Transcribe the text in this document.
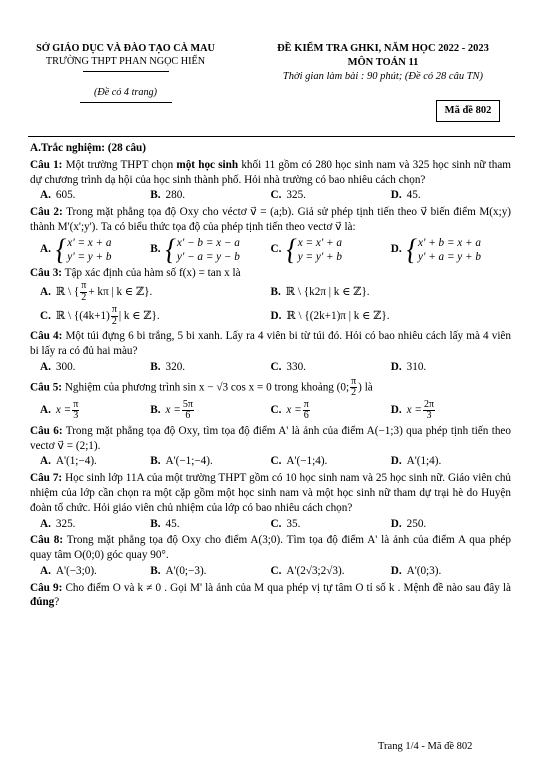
SỞ GIÁO DỤC VÀ ĐÀO TẠO CÀ MAU
TRƯỜNG THPT PHAN NGỌC HIỂN
(Đề có 4 trang)
ĐỀ KIỂM TRA GHKI, NĂM HỌC 2022 - 2023
MÔN TOÁN 11
Thời gian làm bài : 90 phút; (Đề có 28 câu TN)
Mã đề 802

A.Trắc nghiệm: (28 câu)

Câu 1: Một trường THPT chọn một học sinh khối 11 gồm có 280 học sinh nam và 325 học sinh nữ tham dự chương trình dạ hội của học sinh thành phố. Hỏi nhà trường có bao nhiêu cách chọn?

A. 605.	B. 280.	C. 325.	D. 45.

Câu 2: Trong mặt phẳng tọa độ Oxy cho véctơ v⃗ = (a;b). Giả sử phép tịnh tiến theo v⃗ biến điểm M(x;y) thành M'(x';y'). Ta có biểu thức tọa độ của phép tịnh tiến theo vectơ v⃗ là:

A. { x' = x + a
y' = y + b
B. { x' − b = x − a
y' − a = y − b
C. { x = x' + a
y = y' + b
D. { x' + b = x + a
y' + a = y + b

Câu 3: Tập xác định của hàm số f(x) = tan x là

A. ℝ \ { $\frac{\pi}{2} + k\pi$ | k ∈ ℤ}.	B. ℝ \ {k2π | k ∈ ℤ}.
C. ℝ \ {$(4k+1) \frac{\pi}{2}$ | k ∈ ℤ}.	D. ℝ \ {(2k+1)π | k ∈ ℤ}.

Câu 4: Một túi đựng 6 bi trắng, 5 bi xanh. Lấy ra 4 viên bi từ túi đó. Hỏi có bao nhiêu cách lấy mà 4 viên bi lấy ra có đủ hai màu?

A. 300.	B. 320.	C. 330.	D. 310.

Câu 5: Nghiệm của phương trình sin x − √3 cos x = 0 trong khoảng (0; $\frac{\pi}{2}$ ) là

A. $x = \frac{\pi}{3}$	B. $x = \frac{5\pi}{6}$	C. $x = \frac{\pi}{6}$	D. $x = \frac{2\pi}{3}$

Câu 6: Trong mặt phẳng tọa độ Oxy, tìm tọa độ điểm A' là ảnh của điểm A(−1;3) qua phép tịnh tiến theo vectơ v⃗ = (2;1).

A. A'(1;−4).	B. A'(−1;−4).	C. A'(−1;4).	D. A'(1;4).

Câu 7: Học sinh lớp 11A của một trường THPT gồm có 10 học sinh nam và 25 học sinh nữ. Giáo viên chủ nhiệm của lớp cần chọn ra một cặp gồm một học sinh nam và một học sinh nữ tham dự trại hè do Huyện đoàn tổ chức. Hỏi giáo viên chủ nhiệm của lớp có bao nhiêu cách chọn?

A. 325.	B. 45.	C. 35.	D. 250.

Câu 8: Trong mặt phẳng tọa độ Oxy cho điểm A(3;0). Tìm tọa độ điểm A' là ảnh của điểm A qua phép quay tâm O(0;0) góc quay 90°.

A. A'(−3;0).	B. A'(0;−3).	C. A'(2√3;2√3).	D. A'(0;3).

Câu 9: Cho điểm O và k ≠ 0 . Gọi M' là ảnh của M qua phép vị tự tâm O tỉ số k . Mệnh đề nào sau đây là đúng?

Trang 1/4 - Mã đề 802
